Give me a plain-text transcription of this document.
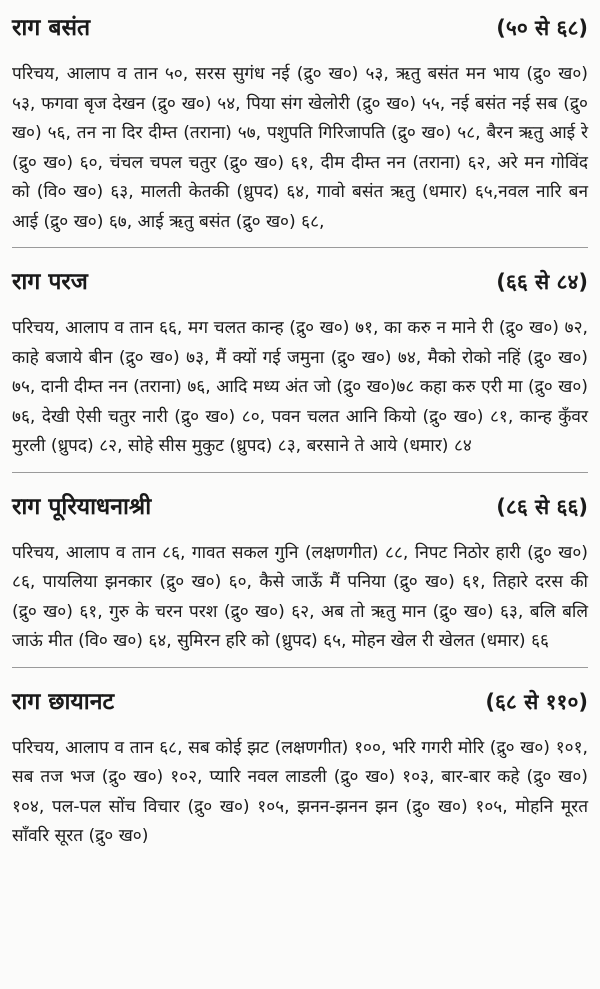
राग बसंत	(५० से ६८)
परिचय, आलाप व तान ५०, सरस सुगंध नई (द्रु० ख०) ५३, ऋतु बसंत मन भाय (द्रु० ख०) ५३, फगवा बृज देखन (द्रु० ख०) ५४, पिया संग खेलोरी (द्रु० ख०) ५५, नई बसंत नई सब (द्रु० ख०) ५६, तन ना दिर दीम्त (तराना) ५७, पशुपति गिरिजापति (द्रु० ख०) ५८, बैरन ऋतु आई रे (द्रु० ख०) ६०, चंचल चपल चतुर (द्रु० ख०) ६१, दीम दीम्त नन (तराना) ६२, अरे मन गोविंद को (वि० ख०) ६३, मालती केतकी (ध्रुपद) ६४, गावो बसंत ऋतु (धमार) ६५,नवल नारि बन आई (द्रु० ख०) ६७, आई ऋतु बसंत (द्रु० ख०) ६८,
राग परज	(६६ से ८४)
परिचय, आलाप व तान ६६, मग चलत कान्ह (द्रु० ख०) ७१, का करु न माने री (द्रु० ख०) ७२, काहे बजाये बीन (द्रु० ख०) ७३, मैं क्यों गई जमुना (द्रु० ख०) ७४, मैको रोको नहिं (द्रु० ख०) ७५, दानी दीम्त नन (तराना) ७६, आदि मध्य अंत जो (द्रु० ख०)७८ कहा करु एरी मा (द्रु० ख०) ७६, देखी ऐसी चतुर नारी (द्रु० ख०) ८०, पवन चलत आनि कियो (द्रु० ख०) ८१, कान्ह कुँवर मुरली (ध्रुपद) ८२, सोहे सीस मुकुट (ध्रुपद) ८३, बरसाने ते आये (धमार) ८४
राग पूरियाधनाश्री	(८६ से ६६)
परिचय, आलाप व तान ८६, गावत सकल गुनि (लक्षणगीत) ८८, निपट निठोर हारी (द्रु० ख०) ८६, पायलिया झनकार (द्रु० ख०) ६०, कैसे जाऊँ मैं पनिया (द्रु० ख०) ६१, तिहारे दरस की (द्रु० ख०) ६१, गुरु के चरन परश (द्रु० ख०) ६२, अब तो ऋतु मान (द्रु० ख०) ६३, बलि बलि जाऊं मीत (वि० ख०) ६४, सुमिरन हरि को (ध्रुपद) ६५, मोहन खेल री खेलत (धमार) ६६
राग छायानट	(६८ से ११०)
परिचय, आलाप व तान ६८, सब कोई झट (लक्षणगीत) १००, भरि गगरी मोरि (द्रु० ख०) १०१, सब तज भज (द्रु० ख०) १०२, प्यारि नवल लाडली (द्रु० ख०) १०३, बार-बार कहे (द्रु० ख०) १०४, पल-पल सोंच विचार (द्रु० ख०) १०५, झनन-झनन झन (द्रु० ख०) १०५, मोहनि मूरत साँवरि सूरत (द्रु० ख०)
